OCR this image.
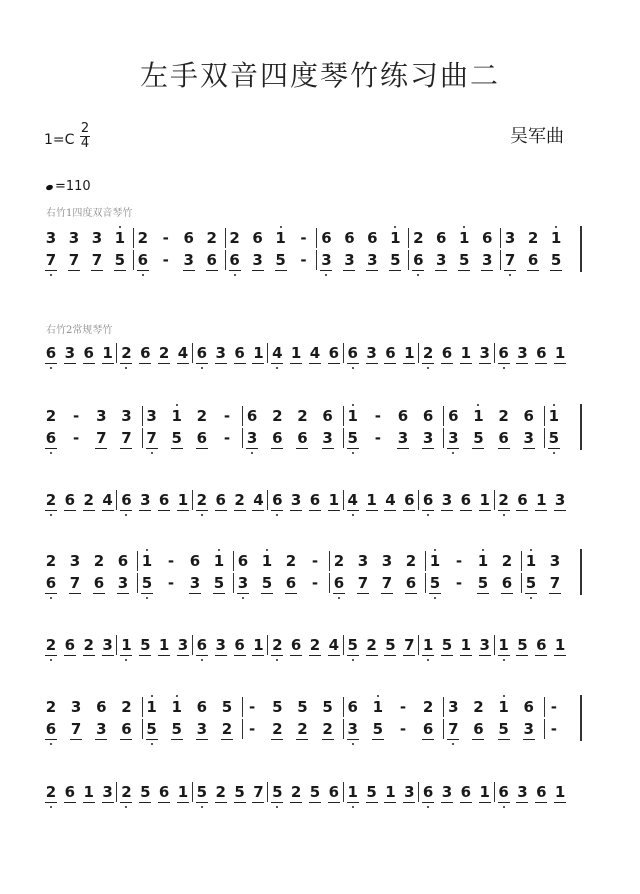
左手双音四度琴竹练习曲二
1=C
2
4	吴军曲
=110
右竹1四度双音琴竹
右竹2常规琴竹
3 3 3 1 2 - 6 2 2 6 1 - 6 6 6 1 2 6 1 6 3 2 1
7 7 7 5 6 - 3 6 6 3 5 - 3 3 3 5 6 3 5 3 7 6 5
6 3 6 1 2 6 2 4 6 3 6 1 4 1 4 6 6 3 6 1 2 6 1 3 6 3 6 1
2 - 3 3 3 1 2 - 6 2 2 6 1 - 6 6 6 1 2 6 1
6 - 7 7 7 5 6 - 3 6 6 3 5 - 3 3 3 5 6 3 5
2 6 2 4 6 3 6 1 2 6 2 4 6 3 6 1 4 1 4 6 6 3 6 1 2 6 1 3
2 3 2 6 1 - 6 1 6 1 2 - 2 3 3 2 1 - 1 2 1 3
6 7 6 3 5 - 3 5 3 5 6 - 6 7 7 6 5 - 5 6 5 7
2 6 2 3 1 5 1 3 6 3 6 1 2 6 2 4 5 2 5 7 1 5 1 3 1 5 6 1
2 3 6 2 1 1 6 5 - 5 5 5 6 1 - 2 3 2 1 6 -
6 7 3 6 5 5 3 2 - 2 2 2 3 5 - 6 7 6 5 3 -
2 6 1 3 2 5 6 1 5 2 5 7 5 2 5 6 1 5 1 3 6 3 6 1 6 3 6 1
